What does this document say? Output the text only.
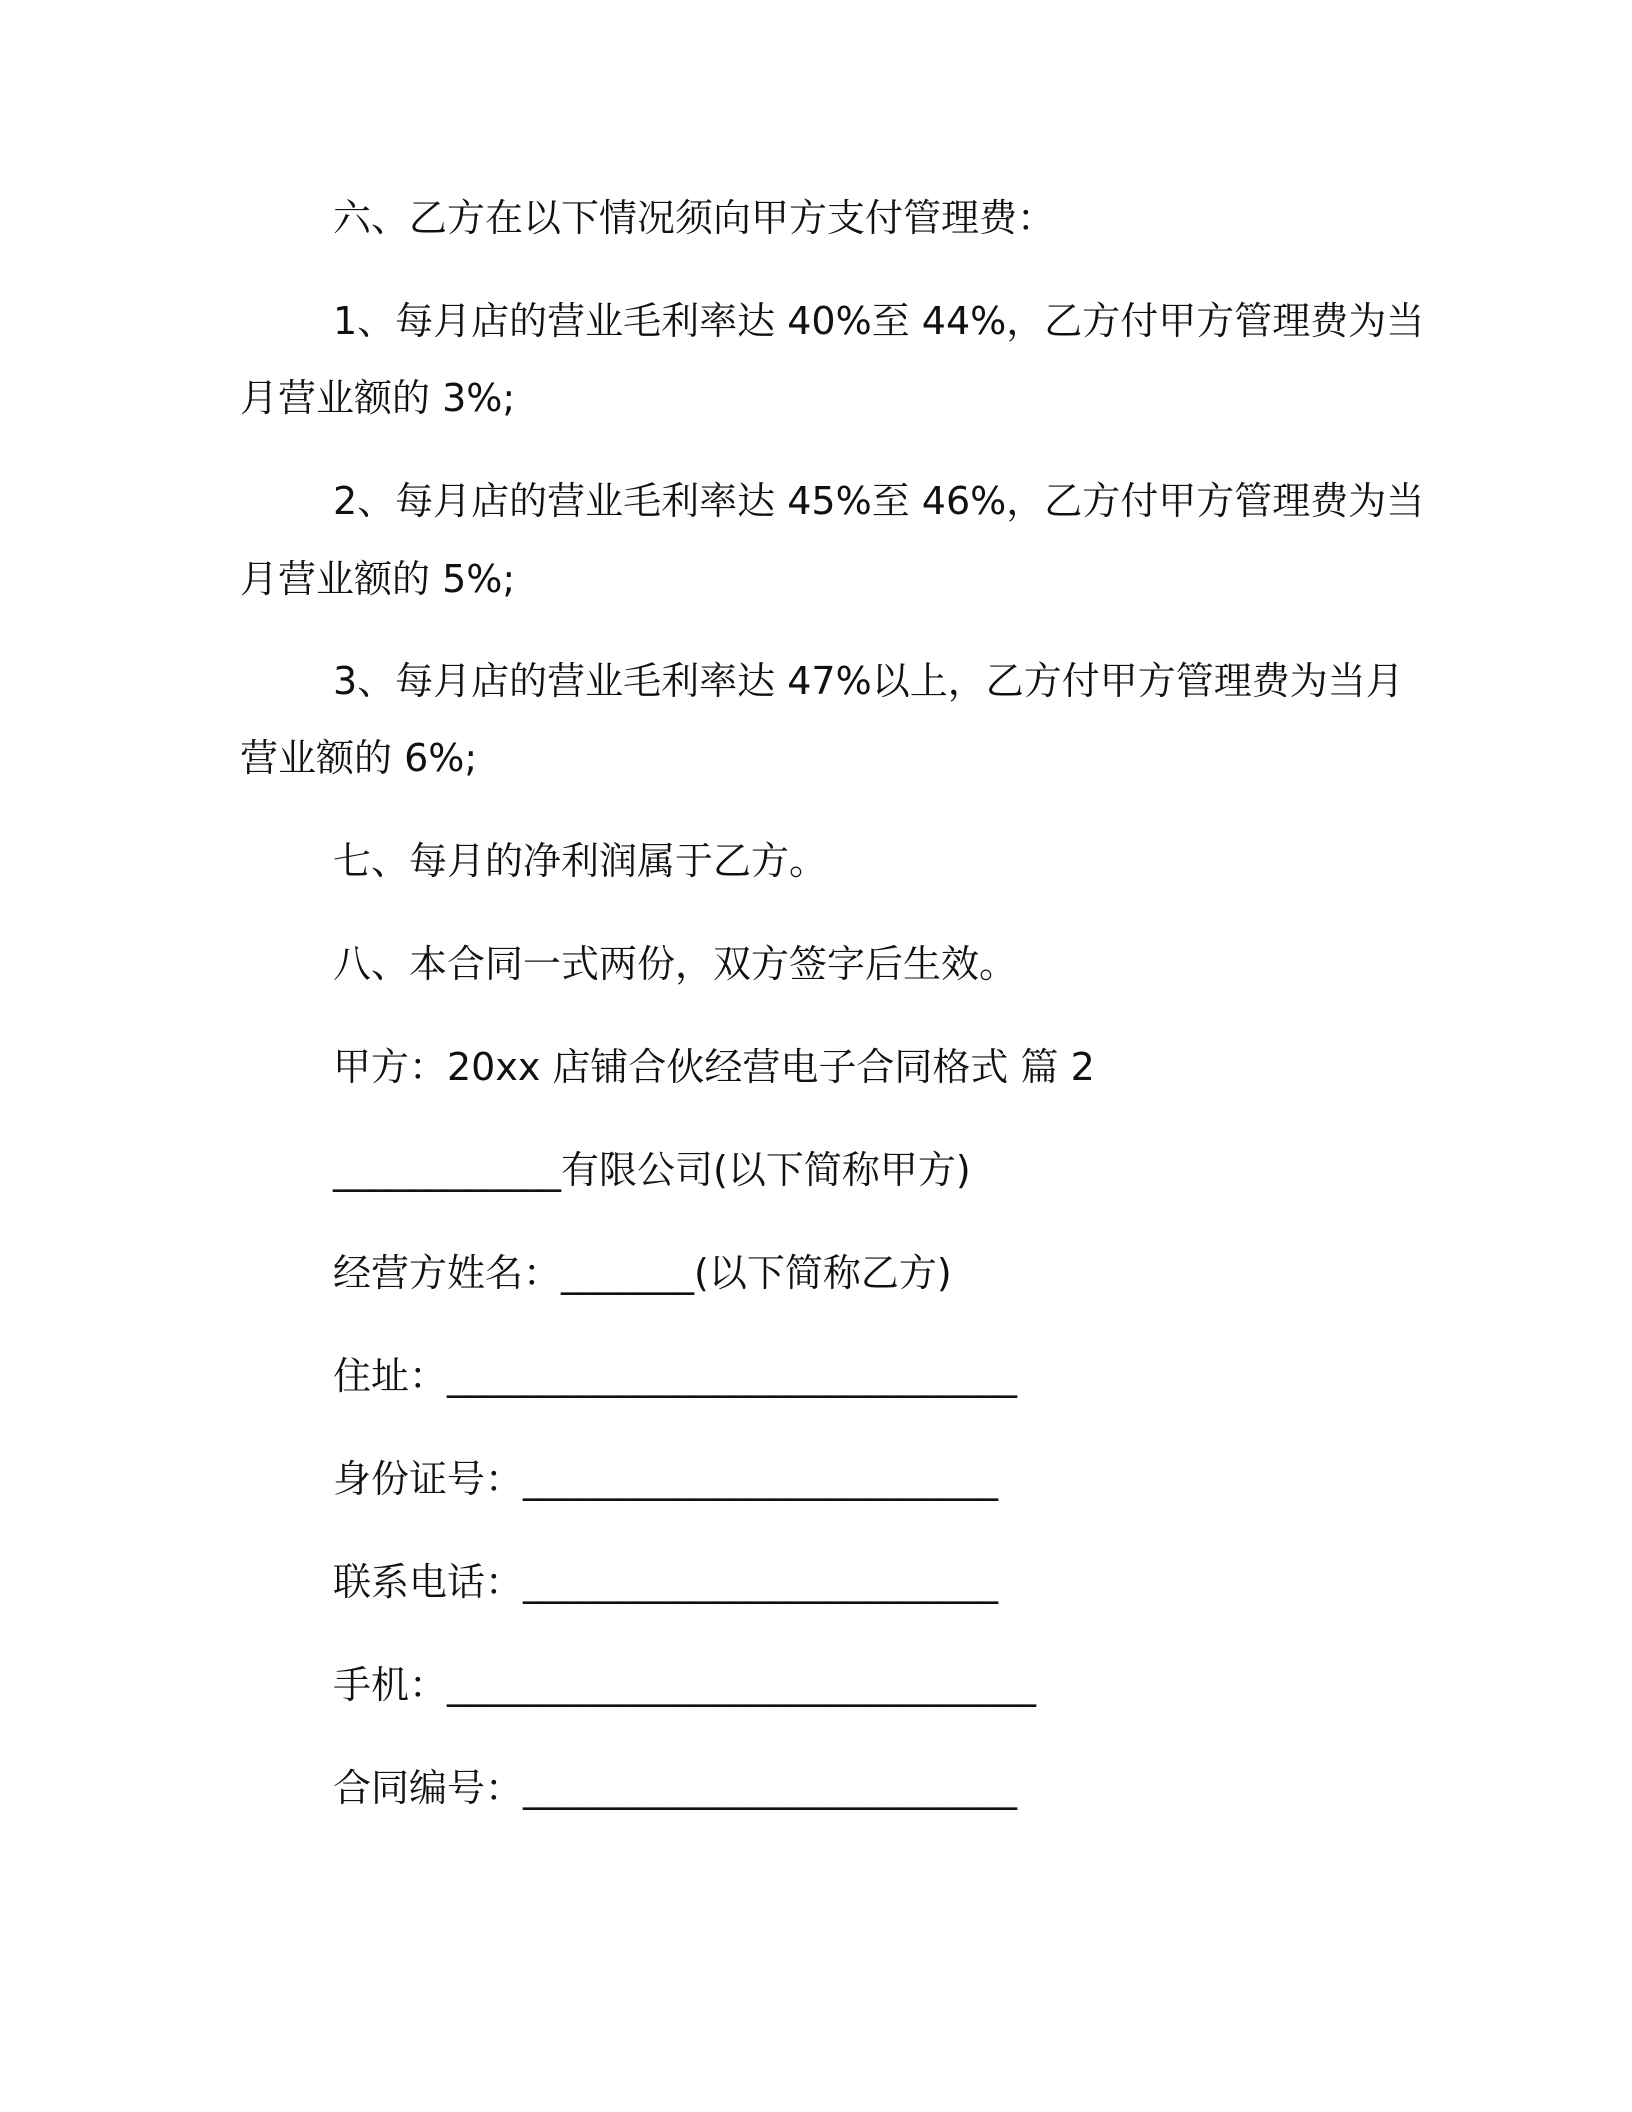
六、乙方在以下情况须向甲方支付管理费：
1、每月店的营业毛利率达 40%至 44%，乙方付甲方管理费为当
月营业额的 3%;
2、每月店的营业毛利率达 45%至 46%，乙方付甲方管理费为当
月营业额的 5%;
3、每月店的营业毛利率达 47%以上，乙方付甲方管理费为当月
营业额的 6%;
七、每月的净利润属于乙方。
八、本合同一式两份，双方签字后生效。
甲方：20xx 店铺合伙经营电子合同格式 篇 2
____________有限公司(以下简称甲方)
经营方姓名：_______(以下简称乙方)
住址：______________________________
身份证号：_________________________
联系电话：_________________________
手机：_______________________________
合同编号：__________________________
